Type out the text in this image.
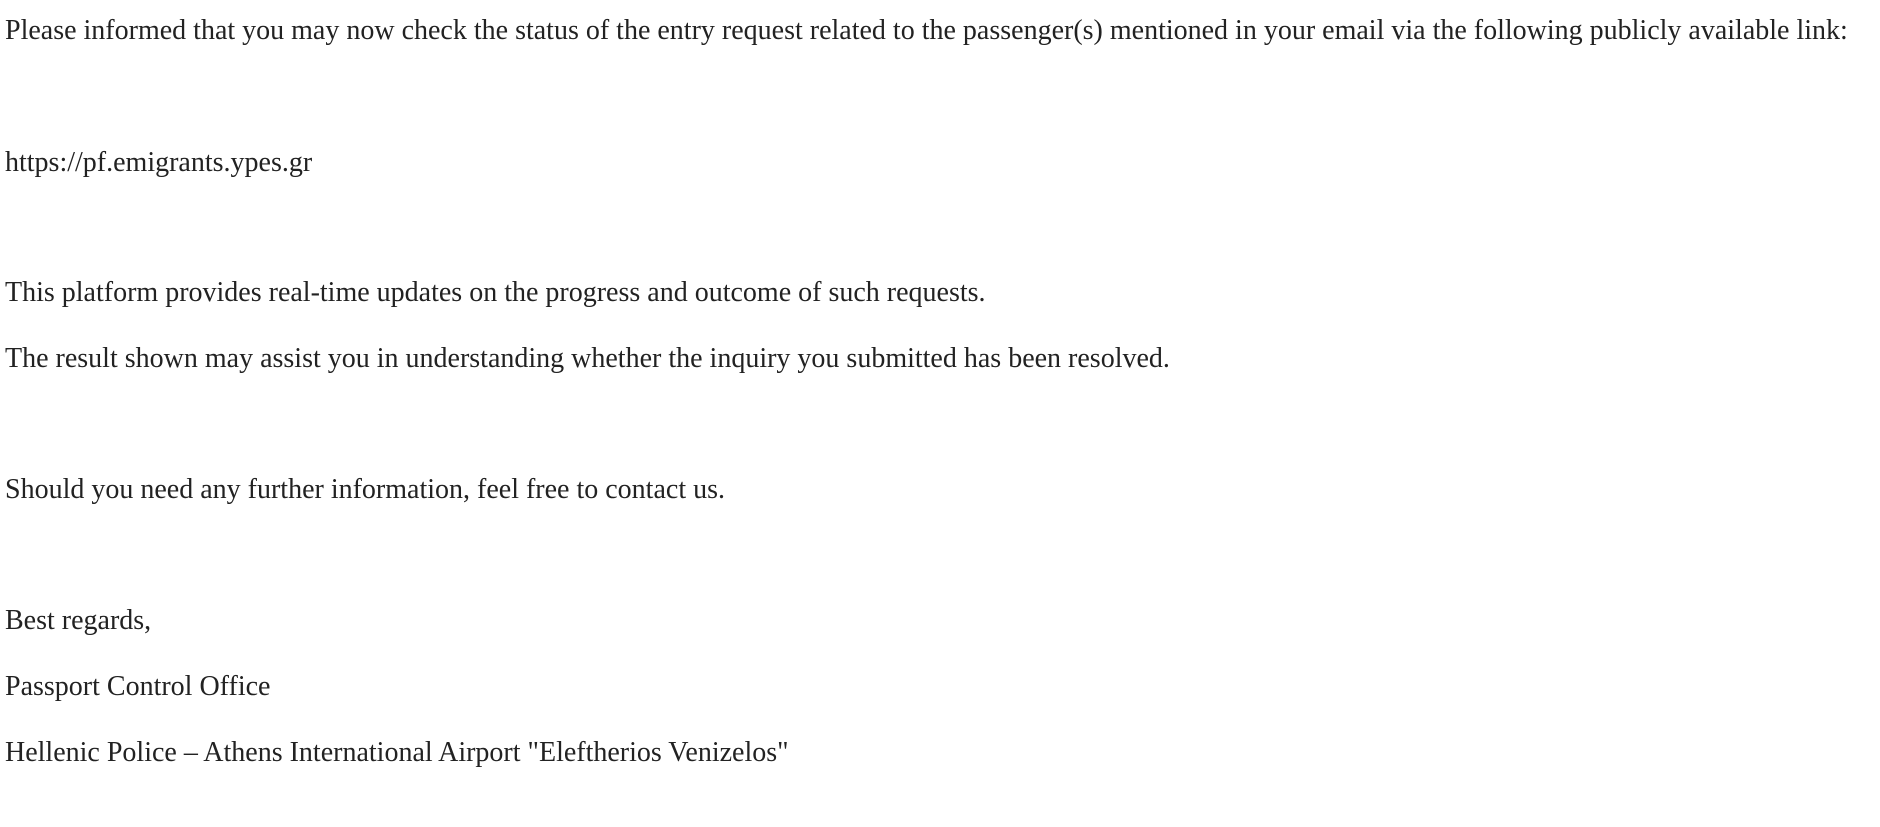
Please informed that you may now check the status of the entry request related to the passenger(s) mentioned in your email via the following publicly available link:

https://pf.emigrants.ypes.gr

This platform provides real-time updates on the progress and outcome of such requests.

The result shown may assist you in understanding whether the inquiry you submitted has been resolved.

Should you need any further information, feel free to contact us.

Best regards,

Passport Control Office

Hellenic Police – Athens International Airport "Eleftherios Venizelos"
